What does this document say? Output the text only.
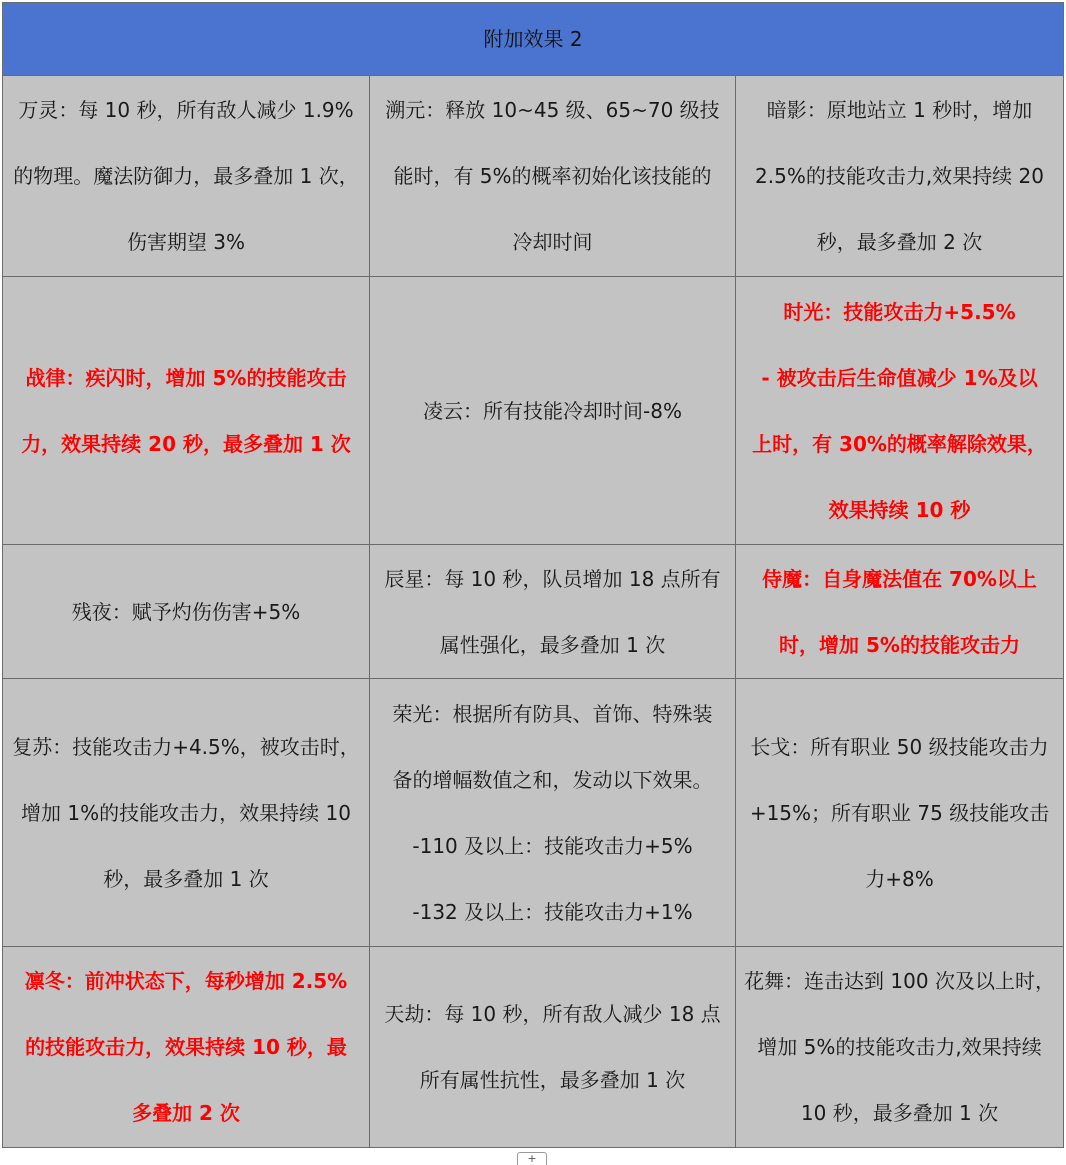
附加效果 2		

万灵：每 10 秒，所有敌人减少 1.9%
的物理。魔法防御力，最多叠加 1 次，
伤害期望 3%	溯元：释放 10~45 级、65~70 级技
能时，有 5%的概率初始化该技能的
冷却时间	暗影：原地站立 1 秒时，增加
2.5%的技能攻击力,效果持续 20
秒，最多叠加 2 次

战律：疾闪时，增加 5%的技能攻击
力，效果持续 20 秒，最多叠加 1 次	凌云：所有技能冷却时间-8%	时光：技能攻击力+5.5%
- 被攻击后生命值减少 1%及以
上时，有 30%的概率解除效果，
效果持续 10 秒

残夜：赋予灼伤伤害+5%	辰星：每 10 秒，队员增加 18 点所有
属性强化，最多叠加 1 次	侍魔：自身魔法值在 70%以上
时，增加 5%的技能攻击力

复苏：技能攻击力+4.5%，被攻击时，
增加 1%的技能攻击力，效果持续 10
秒，最多叠加 1 次	荣光：根据所有防具、首饰、特殊装
备的增幅数值之和，发动以下效果。
-110 及以上：技能攻击力+5%
-132 及以上：技能攻击力+1%	长戈：所有职业 50 级技能攻击力
+15%；所有职业 75 级技能攻击
力+8%

凛冬：前冲状态下，每秒增加 2.5%
的技能攻击力，效果持续 10 秒，最
多叠加 2 次	天劫：每 10 秒，所有敌人减少 18 点
所有属性抗性，最多叠加 1 次	花舞：连击达到 100 次及以上时，
增加 5%的技能攻击力,效果持续
10 秒，最多叠加 1 次
+
